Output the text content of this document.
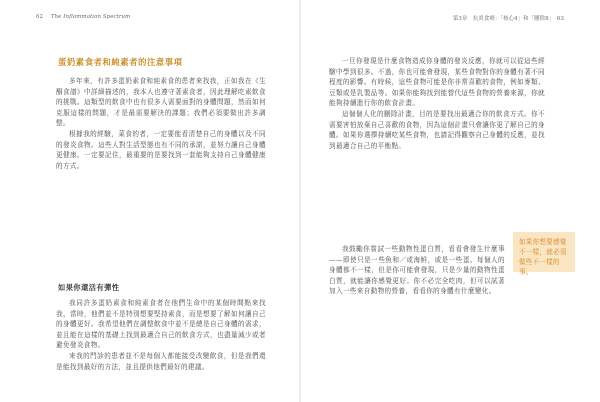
62 The Inflammation Spectrum
蛋奶素食者和純素者的注意事項

多年來，有許多蛋奶素食和純素食的患者來找我，正如我在《生酮食譜》中詳細描述的，我本人也遵守著素食者，因此理解吃素飲食的挑戰。這類型的飲食中也有很多人需要面對的身體問題，然而如何克服這樣的問題，才是最需要解決的課題；我們必須要做出許多調整。

根據我的經驗，菜食的者，一定要能看清楚自己的身體以及不同的發炎食物。這些人對生活型態也有不同的承諾，並努力讓自己身體更健康。一定要記住，最重要的是要找到一套能夠支持自己身體健康的方式。

如果你還活有彈性

我同許多蛋奶素食和純素食者在他們生命中的某個時間點來找我，當時，他們並不是特別想要堅持素食，而是想要了解如何讓自己的身體更好。我希望他們在調整飲食中並不是總是自己身體的需求，並且能在這樣的基礎上找到最適合自己的飲食方式，也盡量減少或者避免發炎食物。

來我的門診的患者並不是每個人都能接受改變飲食，但是我們還是能找到最好的方法，並且提供他們最好的建議。

第3章　抗炎食療：「核心4」和「刪除8」　63

一旦你發現是什麼食物造成你身體的發炎反應，你就可以從這些經驗中學到很多。不過，你也可能會發現，某些食物對你的身體有著不同程度的影響。有時候，這些食物可能是你非常喜歡的食物，例如麥類、豆類或是乳製品等。如果你能夠找到能替代這些食物的營養來源，你就能夠持續進行你的飲食計畫。

這個個人化的刪除計畫，目的是要找出最適合你的飲食方式。你不需要害怕放棄自己喜歡的食物，因為這個計畫只會讓你更了解自己的身體。如果你選擇持續吃某些食物，也請記得觀察自己身體的反應，並找到最適合自己的平衡點。

我鼓勵你嘗試一些動物性蛋白質，看看會發生什麼事——即使只是一些魚和／或海鮮，或是一些蛋。每個人的身體都不一樣，但是你可能會發現，只是少量的動物性蛋白質，就能讓你感覺更好。你不必完全吃肉，但可以試著加入一些來自動物的營養，看看你的身體有什麼變化。

如果你想要感覺不一樣，就必須做些不一樣的事。
